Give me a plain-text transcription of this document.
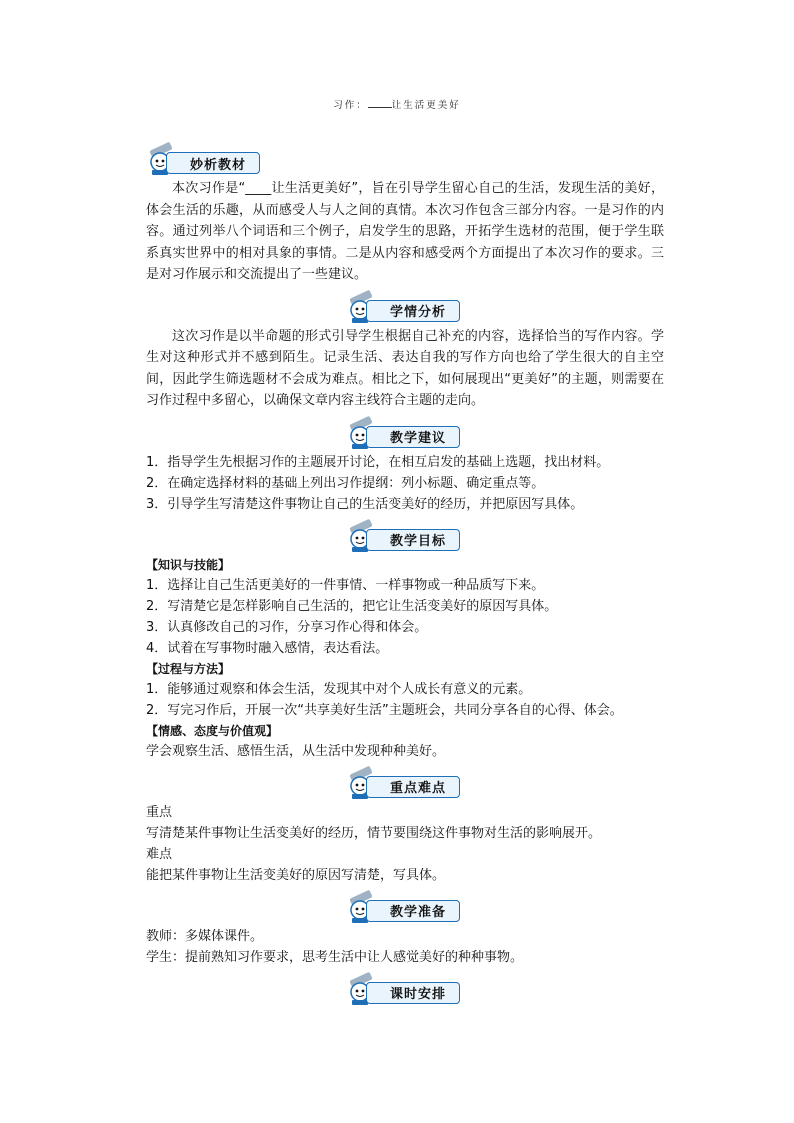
习作：	让生活更美好
妙析教材

本次习作是“____让生活更美好”，旨在引导学生留心自己的生活，发现生活的美好，体会生活的乐趣，从而感受人与人之间的真情。本次习作包含三部分内容。一是习作的内容。通过列举八个词语和三个例子，启发学生的思路，开拓学生选材的范围，便于学生联系真实世界中的相对具象的事情。二是从内容和感受两个方面提出了本次习作的要求。三是对习作展示和交流提出了一些建议。

学情分析

这次习作是以半命题的形式引导学生根据自己补充的内容，选择恰当的写作内容。学生对这种形式并不感到陌生。记录生活、表达自我的写作方向也给了学生很大的自主空间，因此学生筛选题材不会成为难点。相比之下，如何展现出“更美好”的主题，则需要在习作过程中多留心，以确保文章内容主线符合主题的走向。

教学建议

1．指导学生先根据习作的主题展开讨论，在相互启发的基础上选题，找出材料。

2．在确定选择材料的基础上列出习作提纲：列小标题、确定重点等。

3．引导学生写清楚这件事物让自己的生活变美好的经历，并把原因写具体。

教学目标

【知识与技能】

1．选择让自己生活更美好的一件事情、一样事物或一种品质写下来。

2．写清楚它是怎样影响自己生活的，把它让生活变美好的原因写具体。

3．认真修改自己的习作，分享习作心得和体会。

4．试着在写事物时融入感情，表达看法。

【过程与方法】

1．能够通过观察和体会生活，发现其中对个人成长有意义的元素。

2．写完习作后，开展一次“共享美好生活”主题班会，共同分享各自的心得、体会。

【情感、态度与价值观】

学会观察生活、感悟生活，从生活中发现种种美好。

重点难点

重点

写清楚某件事物让生活变美好的经历，情节要围绕这件事物对生活的影响展开。

难点

能把某件事物让生活变美好的原因写清楚，写具体。

教学准备

教师：多媒体课件。

学生：提前熟知习作要求，思考生活中让人感觉美好的种种事物。

课时安排
